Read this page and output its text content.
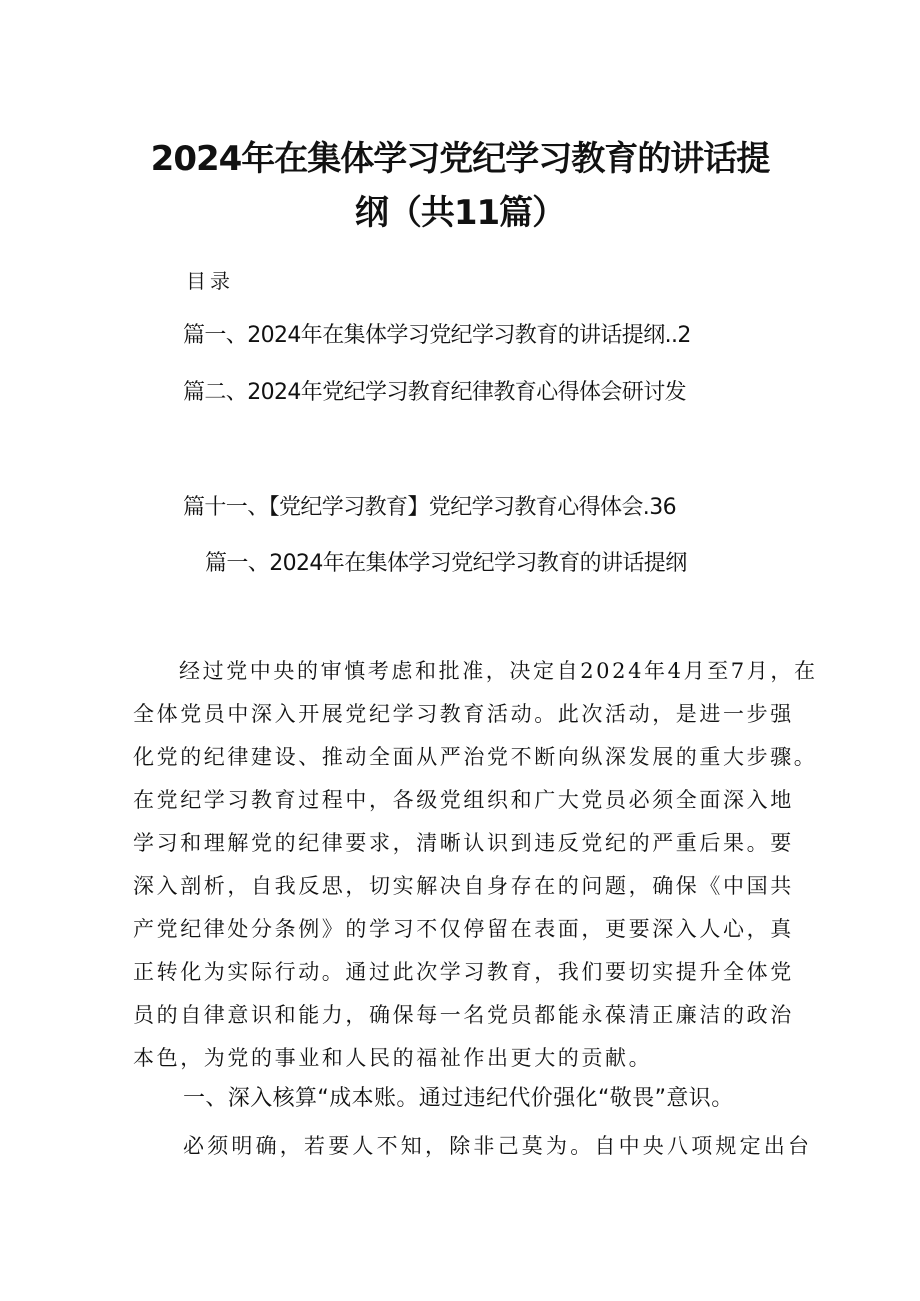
2024年在集体学习党纪学习教育的讲话提
纲（共11篇）
目录
篇一、2024年在集体学习党纪学习教育的讲话提纲..2
篇二、2024年党纪学习教育纪律教育心得体会研讨发
篇十一、【党纪学习教育】党纪学习教育心得体会.36
篇一、2024年在集体学习党纪学习教育的讲话提纲
经过党中央的审慎考虑和批准，决定自2024年4月至7月，在
全体党员中深入开展党纪学习教育活动。此次活动，是进一步强
化党的纪律建设、推动全面从严治党不断向纵深发展的重大步骤。
在党纪学习教育过程中，各级党组织和广大党员必须全面深入地
学习和理解党的纪律要求，清晰认识到违反党纪的严重后果。要
深入剖析，自我反思，切实解决自身存在的问题，确保《中国共
产党纪律处分条例》的学习不仅停留在表面，更要深入人心，真
正转化为实际行动。通过此次学习教育，我们要切实提升全体党
员的自律意识和能力，确保每一名党员都能永葆清正廉洁的政治
本色，为党的事业和人民的福祉作出更大的贡献。
一、深入核算“成本账。通过违纪代价强化“敬畏”意识。
必须明确，若要人不知，除非己莫为。自中央八项规定出台
